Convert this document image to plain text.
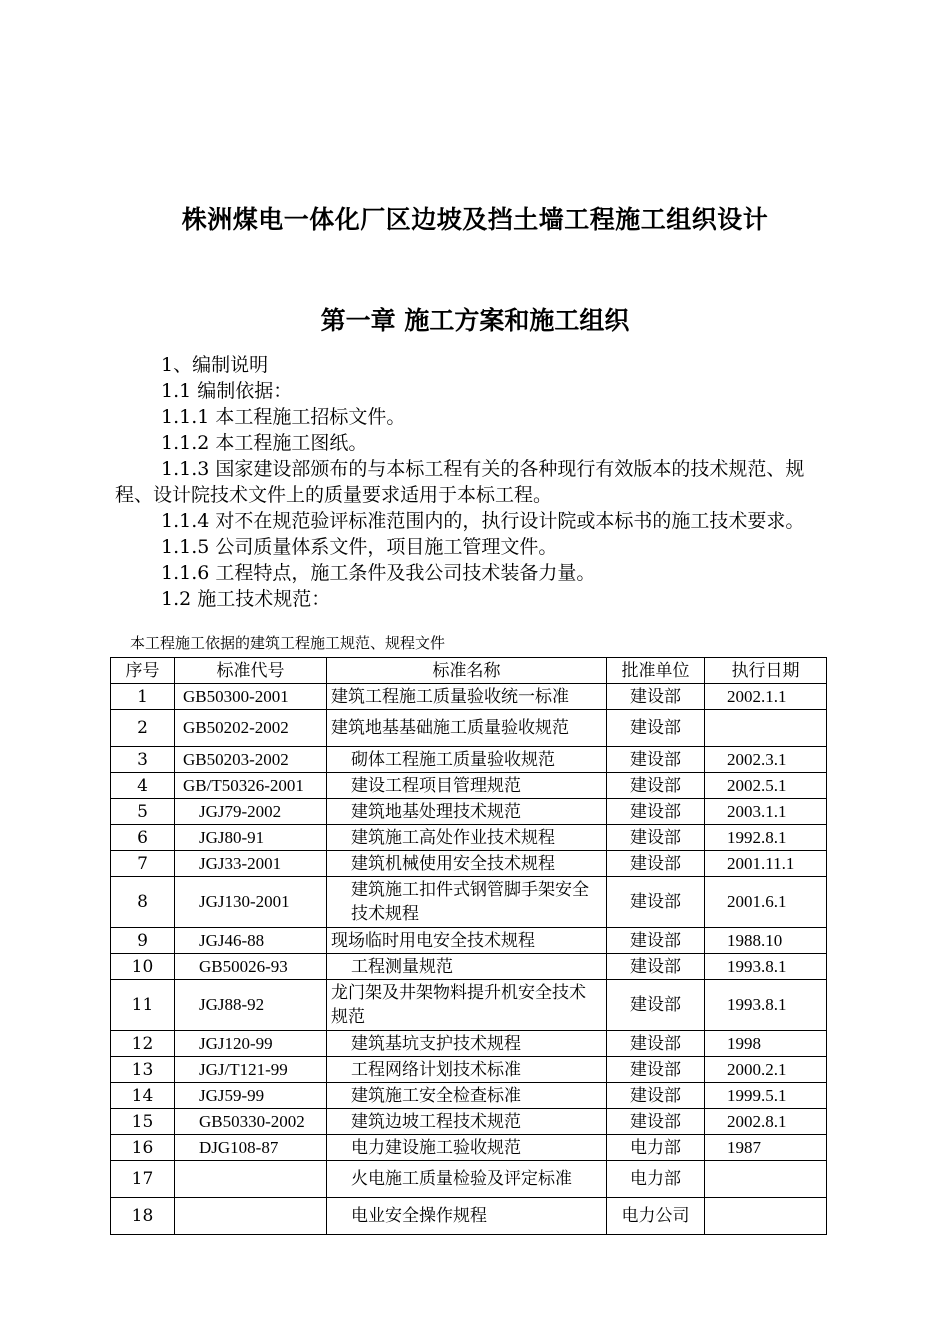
株洲煤电一体化厂区边坡及挡土墙工程施工组织设计
第一章 施工方案和施工组织

1、编制说明

1.1 编制依据：

1.1.1 本工程施工招标文件。

1.1.2 本工程施工图纸。

1.1.3 国家建设部颁布的与本标工程有关的各种现行有效版本的技术规范、规程、设计院技术文件上的质量要求适用于本标工程。

1.1.4 对不在规范验评标准范围内的，执行设计院或本标书的施工技术要求。

1.1.5 公司质量体系文件，项目施工管理文件。

1.1.6 工程特点，施工条件及我公司技术装备力量。

1.2 施工技术规范：

本工程施工依据的建筑工程施工规范、规程文件
序号	标准代号	标准名称	批准单位	执行日期
1	GB50300-2001	建筑工程施工质量验收统一标准	建设部	2002.1.1
2	GB50202-2002	建筑地基基础施工质量验收规范	建设部	
3	GB50203-2002	砌体工程施工质量验收规范	建设部	2002.3.1
4	GB/T50326-2001	建设工程项目管理规范	建设部	2002.5.1
5	JGJ79-2002	建筑地基处理技术规范	建设部	2003.1.1
6	JGJ80-91	建筑施工高处作业技术规程	建设部	1992.8.1
7	JGJ33-2001	建筑机械使用安全技术规程	建设部	2001.11.1
8	JGJ130-2001	建筑施工扣件式钢管脚手架安全技术规程	建设部	2001.6.1
9	JGJ46-88	现场临时用电安全技术规程	建设部	1988.10
10	GB50026-93	工程测量规范	建设部	1993.8.1
11	JGJ88-92	龙门架及井架物料提升机安全技术规范	建设部	1993.8.1
12	JGJ120-99	建筑基坑支护技术规程	建设部	1998
13	JGJ/T121-99	工程网络计划技术标准	建设部	2000.2.1
14	JGJ59-99	建筑施工安全检查标准	建设部	1999.5.1
15	GB50330-2002	建筑边坡工程技术规范	建设部	2002.8.1
16	DJG108-87	电力建设施工验收规范	电力部	1987
17		火电施工质量检验及评定标准	电力部	
18		电业安全操作规程	电力公司	
